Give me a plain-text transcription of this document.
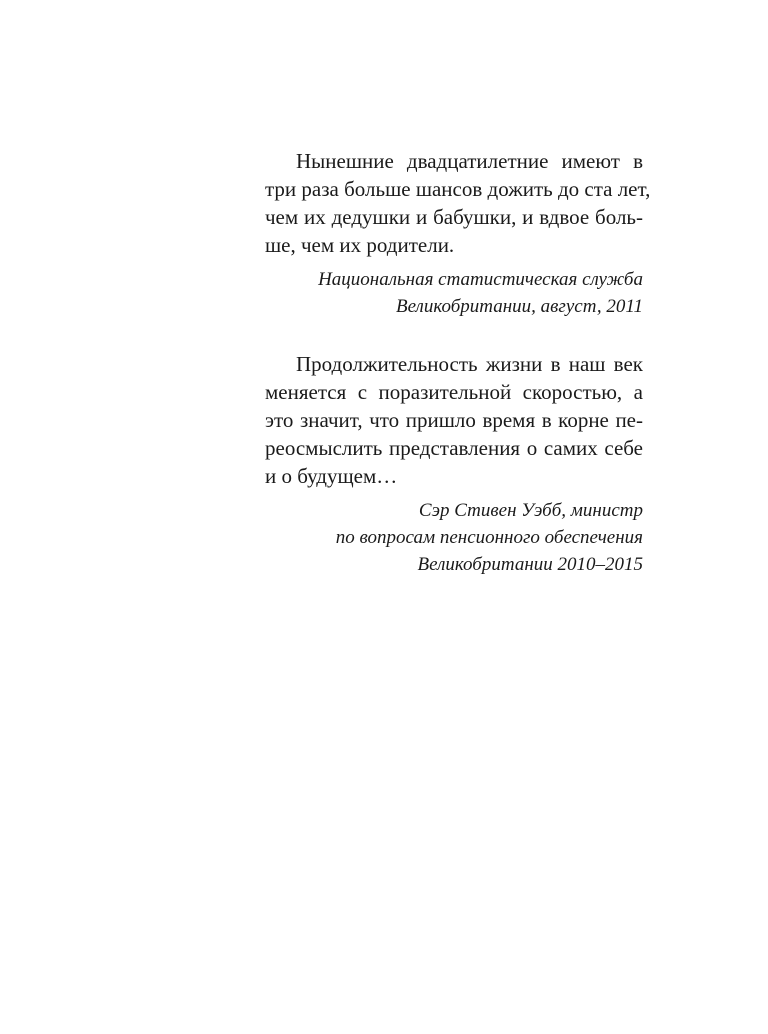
Нынешние двадцатилетние имеют в
три раза больше шансов дожить до ста лет,
чем их дедушки и бабушки, и вдвое боль-
ше, чем их родители.
Национальная статистическая служба
Великобритании, август, 2011
Продолжительность жизни в наш век
меняется с поразительной скоростью, а
это значит, что пришло время в корне пе-
реосмыслить представления о самих себе
и о будущем…
Сэр Стивен Уэбб, министр
по вопросам пенсионного обеспечения
Великобритании 2010–2015
